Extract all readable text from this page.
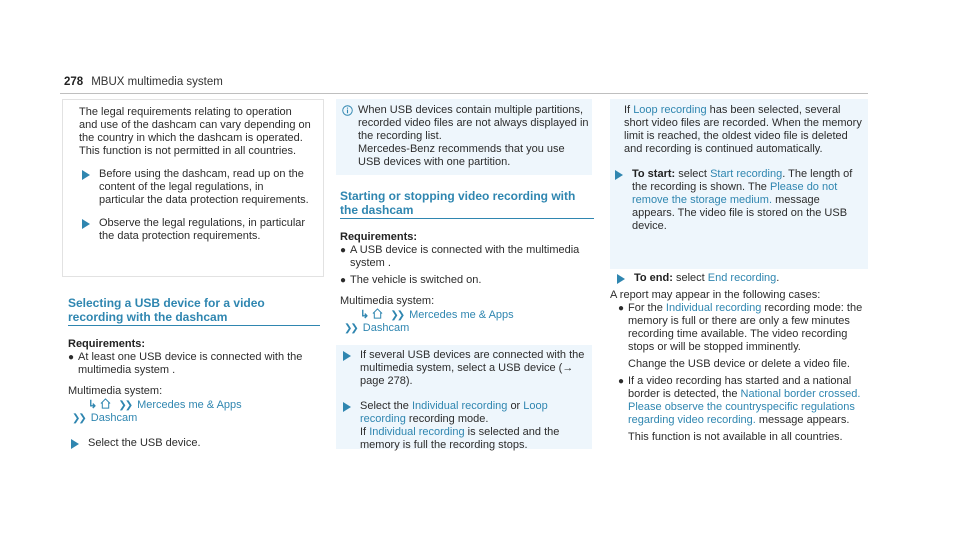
278 MBUX multimedia system
The legal requirements relating to operation and use of the dashcam can vary depending on the country in which the dashcam is operated.
This function is not permitted in all countries.
Before using the dashcam, read up on the content of the legal regulations, in particular the data protection requirements.
Observe the legal regulations, in particular the data protection requirements.
Selecting a USB device for a video recording with the dashcam
Requirements:
● At least one USB device is connected with the multimedia system .
Multimedia system:
↳ ❯❯ Mercedes me & Apps
❯❯ Dashcam
Select the USB device.
When USB devices contain multiple partitions, recorded video files are not always displayed in the recording list.
Mercedes-Benz recommends that you use USB devices with one partition.
Starting or stopping video recording with the dashcam
Requirements:
● A USB device is connected with the multimedia system .
● The vehicle is switched on.
Multimedia system:
↳ ❯❯ Mercedes me & Apps
❯❯ Dashcam
If several USB devices are connected with the multimedia system, select a USB device (→ page 278).
Select the Individual recording or Loop recording recording mode.
If Individual recording is selected and the memory is full the recording stops.
If Loop recording has been selected, several short video files are recorded. When the memory limit is reached, the oldest video file is deleted and recording is continued automatically.
To start: select Start recording. The length of the recording is shown. The Please do not remove the storage medium. message appears. The video file is stored on the USB device.
To end: select End recording.
A report may appear in the following cases:
● For the Individual recording recording mode: the memory is full or there are only a few minutes recording time available. The video recording stops or will be stopped imminently.
Change the USB device or delete a video file.
● If a video recording has started and a national border is detected, the National border crossed. Please observe the countryspecific regulations regarding video recording. message appears.
This function is not available in all countries.
